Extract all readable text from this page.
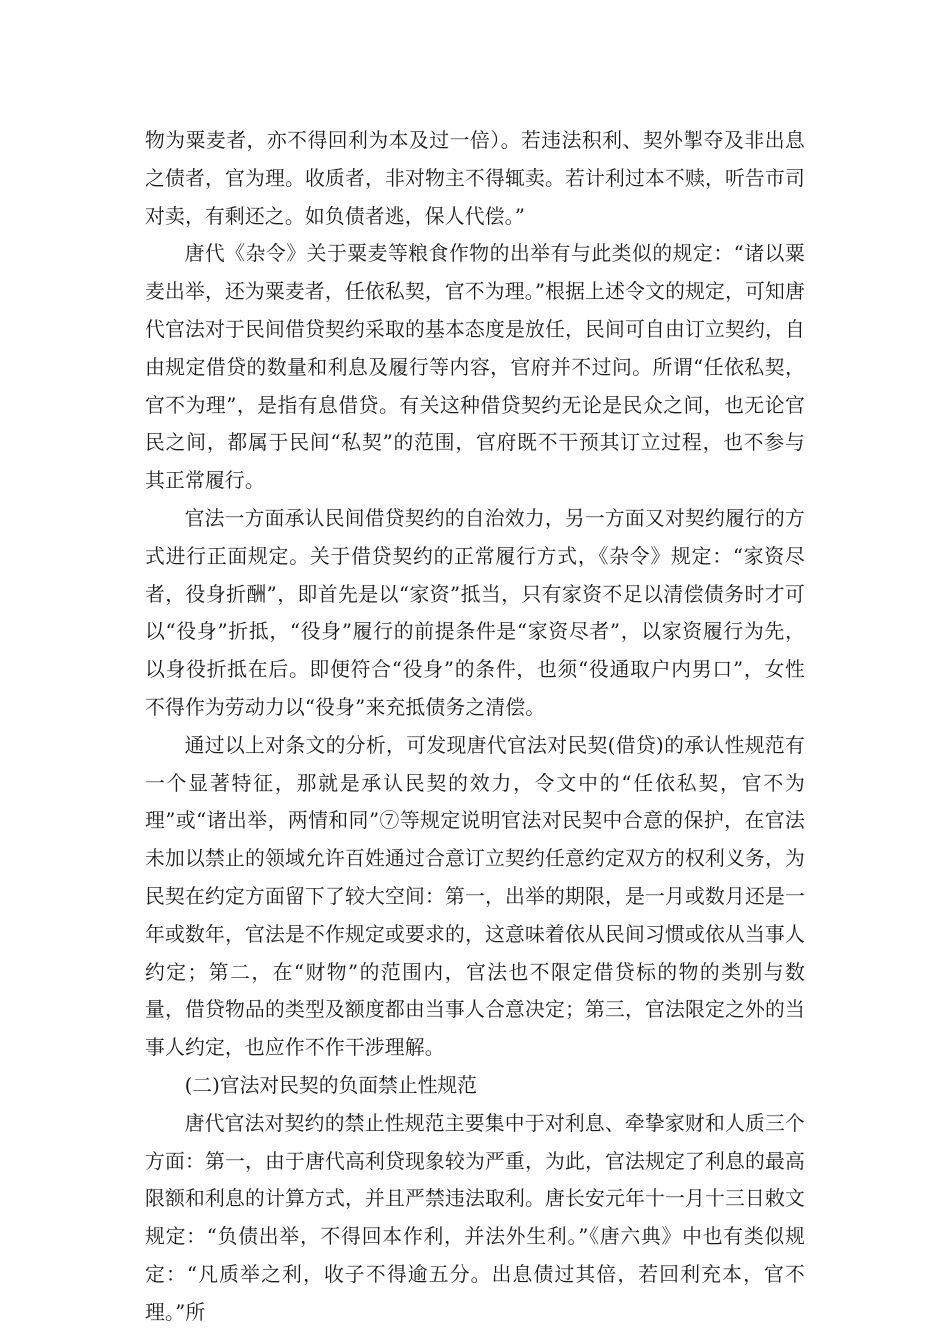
物为粟麦者，亦不得回利为本及过一倍）。若违法积利、契外掣夺及非出息之债者，官为理。收质者，非对物主不得辄卖。若计利过本不赎，听告市司对卖，有剩还之。如负债者逃，保人代偿。”

唐代《杂令》关于粟麦等粮食作物的出举有与此类似的规定：“诸以粟麦出举，还为粟麦者，任依私契，官不为理。”根据上述令文的规定，可知唐代官法对于民间借贷契约采取的基本态度是放任，民间可自由订立契约，自由规定借贷的数量和利息及履行等内容，官府并不过问。所谓“任依私契，官不为理”，是指有息借贷。有关这种借贷契约无论是民众之间，也无论官民之间，都属于民间“私契”的范围，官府既不干预其订立过程，也不参与其正常履行。

官法一方面承认民间借贷契约的自治效力，另一方面又对契约履行的方式进行正面规定。关于借贷契约的正常履行方式，《杂令》规定：“家资尽者，役身折酬”，即首先是以“家资”抵当，只有家资不足以清偿债务时才可以“役身”折抵，“役身”履行的前提条件是“家资尽者”，以家资履行为先，以身役折抵在后。即便符合“役身”的条件，也须“役通取户内男口”，女性不得作为劳动力以“役身”来充抵债务之清偿。

通过以上对条文的分析，可发现唐代官法对民契(借贷)的承认性规范有一个显著特征，那就是承认民契的效力，令文中的“任依私契，官不为理”或“诸出举，两情和同”⑦等规定说明官法对民契中合意的保护，在官法未加以禁止的领域允许百姓通过合意订立契约任意约定双方的权利义务，为民契在约定方面留下了较大空间：第一，出举的期限，是一月或数月还是一年或数年，官法是不作规定或要求的，这意味着依从民间习惯或依从当事人约定；第二，在“财物”的范围内，官法也不限定借贷标的物的类别与数量，借贷物品的类型及额度都由当事人合意决定；第三，官法限定之外的当事人约定，也应作不作干涉理解。

(二)官法对民契的负面禁止性规范

唐代官法对契约的禁止性规范主要集中于对利息、牵挚家财和人质三个方面：第一，由于唐代高利贷现象较为严重，为此，官法规定了利息的最高限额和利息的计算方式，并且严禁违法取利。唐长安元年十一月十三日敕文规定：“负债出举，不得回本作利，并法外生利。”《唐六典》中也有类似规定：“凡质举之利，收子不得逾五分。出息债过其倍，若回利充本，官不理。”所
